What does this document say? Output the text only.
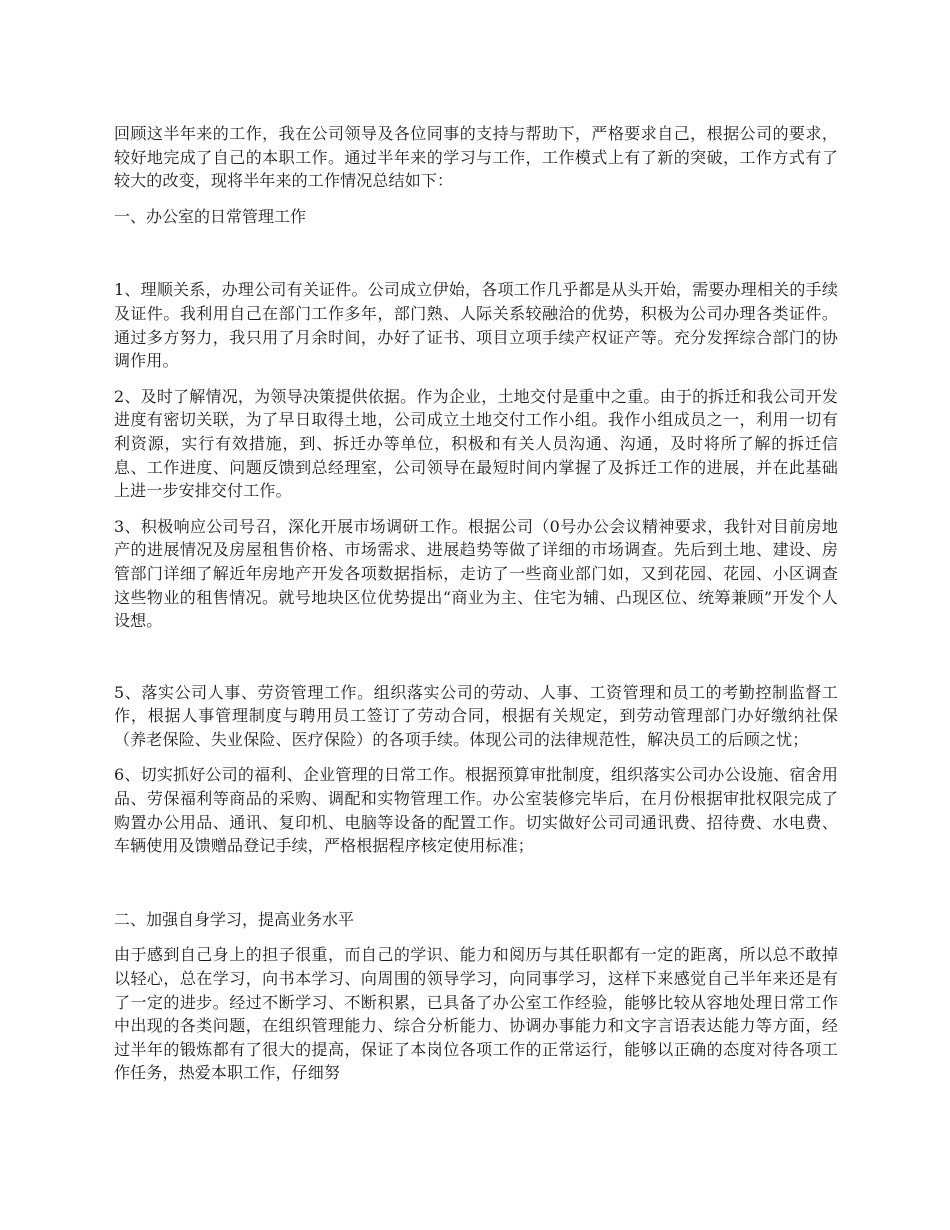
回顾这半年来的工作，我在公司领导及各位同事的支持与帮助下，严格要求自己，根据公司的要求，较好地完成了自己的本职工作。通过半年来的学习与工作，工作模式上有了新的突破，工作方式有了较大的改变，现将半年来的工作情况总结如下：

一、办公室的日常管理工作

1、理顺关系，办理公司有关证件。公司成立伊始，各项工作几乎都是从头开始，需要办理相关的手续及证件。我利用自己在部门工作多年，部门熟、人际关系较融洽的优势，积极为公司办理各类证件。通过多方努力，我只用了月余时间，办好了证书、项目立项手续产权证产等。充分发挥综合部门的协调作用。

2、及时了解情况，为领导决策提供依据。作为企业，土地交付是重中之重。由于的拆迁和我公司开发进度有密切关联，为了早日取得土地，公司成立土地交付工作小组。我作小组成员之一，利用一切有利资源，实行有效措施，到、拆迁办等单位，积极和有关人员沟通、沟通，及时将所了解的拆迁信息、工作进度、问题反馈到总经理室，公司领导在最短时间内掌握了及拆迁工作的进展，并在此基础上进一步安排交付工作。

3、积极响应公司号召，深化开展市场调研工作。根据公司（0号办公会议精神要求，我针对目前房地产的进展情况及房屋租售价格、市场需求、进展趋势等做了详细的市场调查。先后到土地、建设、房管部门详细了解近年房地产开发各项数据指标，走访了一些商业部门如，又到花园、花园、小区调查这些物业的租售情况。就号地块区位优势提出“商业为主、住宅为辅、凸现区位、统筹兼顾”开发个人设想。

5、落实公司人事、劳资管理工作。组织落实公司的劳动、人事、工资管理和员工的考勤控制监督工作，根据人事管理制度与聘用员工签订了劳动合同，根据有关规定，到劳动管理部门办好缴纳社保（养老保险、失业保险、医疗保险）的各项手续。体现公司的法律规范性，解决员工的后顾之忧；

6、切实抓好公司的福利、企业管理的日常工作。根据预算审批制度，组织落实公司办公设施、宿舍用品、劳保福利等商品的采购、调配和实物管理工作。办公室装修完毕后，在月份根据审批权限完成了购置办公用品、通讯、复印机、电脑等设备的配置工作。切实做好公司司通讯费、招待费、水电费、车辆使用及馈赠品登记手续，严格根据程序核定使用标准；

二、加强自身学习，提高业务水平

由于感到自己身上的担子很重，而自己的学识、能力和阅历与其任职都有一定的距离，所以总不敢掉以轻心，总在学习，向书本学习、向周围的领导学习，向同事学习，这样下来感觉自己半年来还是有了一定的进步。经过不断学习、不断积累，已具备了办公室工作经验，能够比较从容地处理日常工作中出现的各类问题，在组织管理能力、综合分析能力、协调办事能力和文字言语表达能力等方面，经过半年的锻炼都有了很大的提高，保证了本岗位各项工作的正常运行，能够以正确的态度对待各项工作任务，热爱本职工作，仔细努
